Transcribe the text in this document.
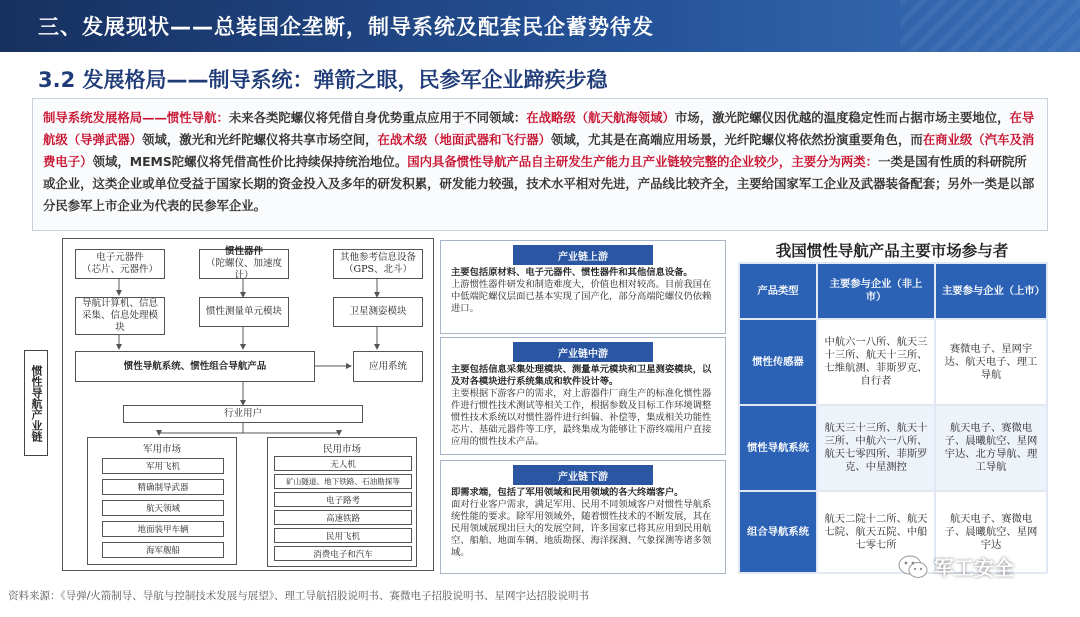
三、发展现状——总装国企垄断，制导系统及配套民企蓄势待发
3.2 发展格局——制导系统：弹箭之眼，民参军企业蹄疾步稳
制导系统发展格局——惯性导航：未来各类陀螺仪将凭借自身优势重点应用于不同领域：在战略级（航天航海领域）市场，激光陀螺仪因优越的温度稳定性而占据市场主要地位，在导航级（导弹武器）领域，激光和光纤陀螺仪将共享市场空间，在战术级（地面武器和飞行器）领域，尤其是在高端应用场景，光纤陀螺仪将依然扮演重要角色，而在商业级（汽车及消费电子）领域，MEMS陀螺仪将凭借高性价比持续保持统治地位。国内具备惯性导航产品自主研发生产能力且产业链较完整的企业较少，主要分为两类：一类是国有性质的科研院所或企业，这类企业或单位受益于国家长期的资金投入及多年的研发积累，研发能力较强，技术水平相对先进，产品线比较齐全，主要给国家军工企业及武器装备配套；另外一类是以部分民参军上市企业为代表的民参军企业。
惯性导航产业链
电子元器件
（芯片、元器件）
惯性器件
（陀螺仪、加速度计）
其他参考信息设备
（GPS、北斗）
导航计算机、信息采集、信息处理模块
惯性测量单元模块	卫星测姿模块
惯性导航系统、惯性组合导航产品	应用系统
行业用户
军用市场
军用飞机
精确制导武器
航天领域
地面装甲车辆
海军舰船
民用市场
无人机
矿山隧道、地下铁路、石油勘探等
电子路考
高速铁路
民用飞机
消费电子和汽车
产业链上游
主要包括原材料、电子元器件、惯性器件和其他信息设备。
上游惯性器件研发和制造难度大，价值也相对较高。目前我国在中低端陀螺仪层面已基本实现了国产化，部分高端陀螺仪仍依赖进口。
产业链中游
主要包括信息采集处理模块、测量单元模块和卫星测姿模块，以及对各模块进行系统集成和软件设计等。
主要根据下游客户的需求，对上游器件厂商生产的标准化惯性器件进行惯性技术测试等相关工作，根据参数及目标工作环境调整惯性技术系统以对惯性器件进行纠偏、补偿等，集成相关功能性芯片、基础元器件等工序，最终集成为能够让下游终端用户直接应用的惯性技术产品。
产业链下游
即需求端，包括了军用领域和民用领域的各大终端客户。
面对行业客户需求，满足军用、民用不同领域客户对惯性导航系统性能的要求。除军用领域外，随着惯性技术的不断发展，其在民用领域展现出巨大的发展空间，许多国家已将其应用到民用航空、船舶、地面车辆、地质勘探、海洋探测、气象探测等诸多领域。
我国惯性导航产品主要市场参与者
产品类型
主要参与企业（非上市）
主要参与企业（上市）
惯性传感器
中航六一八所、航天三十三所、航天十三所、七维航测、菲斯罗克、自行者
赛微电子、星网宇达、航天电子、理工导航
惯性导航系统
航天三十三所、航天十三所、中航六一八所、航天七零四所、菲斯罗克、中星测控
航天电子、赛微电子、晨曦航空、星网宇达、北方导航、理工导航
组合导航系统
航天二院十二所、航天七院、航天五院、中船七零七所
航天电子、赛微电子、晨曦航空、星网宇达
资料来源：《导弹/火箭制导、导航与控制技术发展与展望》、理工导航招股说明书、赛微电子招股说明书、星网宇达招股说明书
军工安全
